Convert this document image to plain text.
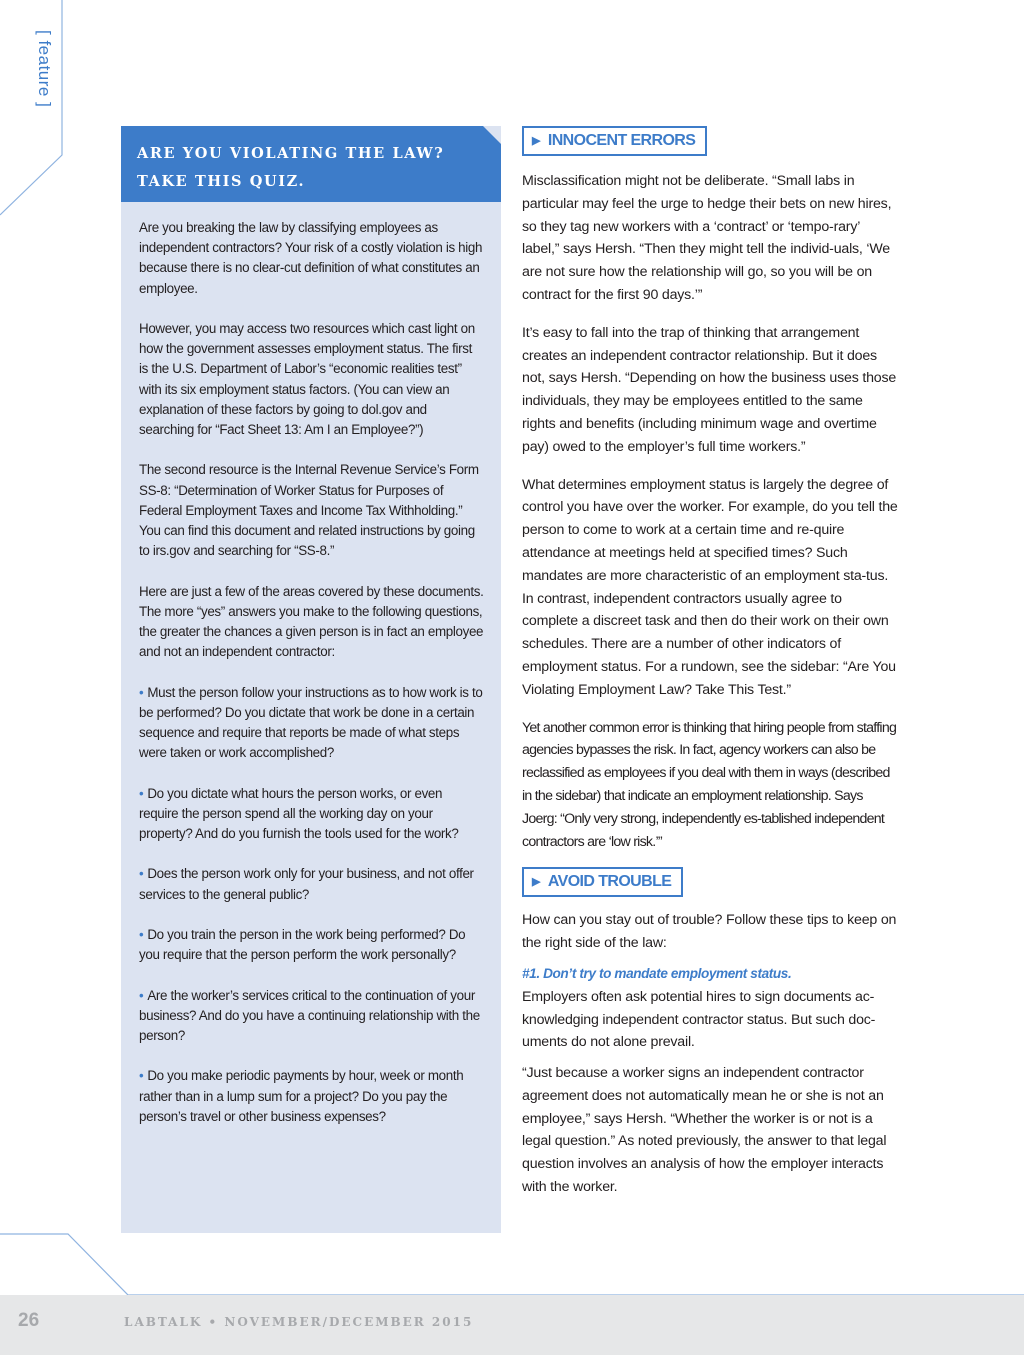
[ feature ]
ARE YOU VIOLATING THE LAW?
TAKE THIS QUIZ.

Are you breaking the law by classifying employees as independent contractors? Your risk of a costly violation is high because there is no clear-cut definition of what constitutes an employee.

However, you may access two resources which cast light on how the government assesses employment status. The first is the U.S. Department of Labor’s “economic realities test” with its six employment status factors. (You can view an explanation of these factors by going to dol.gov and searching for “Fact Sheet 13: Am I an Employee?”)

The second resource is the Internal Revenue Service’s Form SS-8: “Determination of Worker Status for Purposes of Federal Employment Taxes and Income Tax Withholding.” You can find this document and related instructions by going to irs.gov and searching for “SS-8.”

Here are just a few of the areas covered by these documents. The more “yes” answers you make to the following questions, the greater the chances a given person is in fact an employee and not an independent contractor:

• Must the person follow your instructions as to how work is to be performed? Do you dictate that work be done in a certain sequence and require that reports be made of what steps were taken or work accomplished?
• Do you dictate what hours the person works, or even require the person spend all the working day on your property? And do you furnish the tools used for the work?
• Does the person work only for your business, and not offer services to the general public?
• Do you train the person in the work being performed? Do you require that the person perform the work personally?
• Are the worker’s services critical to the continuation of your business? And do you have a continuing relationship with the person?
• Do you make periodic payments by hour, week or month rather than in a lump sum for a project? Do you pay the person’s travel or other business expenses?
▶ INNOCENT ERRORS

Misclassification might not be deliberate. “Small labs in particular may feel the urge to hedge their bets on new hires, so they tag new workers with a ‘contract’ or ‘tempo-rary’ label,” says Hersh. “Then they might tell the individ-uals, ‘We are not sure how the relationship will go, so you will be on contract for the first 90 days.’”

It’s easy to fall into the trap of thinking that arrangement creates an independent contractor relationship. But it does not, says Hersh. “Depending on how the business uses those individuals, they may be employees entitled to the same rights and benefits (including minimum wage and overtime pay) owed to the employer’s full time workers.”

What determines employment status is largely the degree of control you have over the worker. For example, do you tell the person to come to work at a certain time and re-quire attendance at meetings held at specified times? Such mandates are more characteristic of an employment sta-tus. In contrast, independent contractors usually agree to complete a discreet task and then do their work on their own schedules. There are a number of other indicators of employment status. For a rundown, see the sidebar: “Are You Violating Employment Law? Take This Test.”

Yet another common error is thinking that hiring people from staffing agencies bypasses the risk. In fact, agency workers can also be reclassified as employees if you deal with them in ways (described in the sidebar) that indicate an employment relationship. Says Joerg: “Only very strong, independently es-tablished independent contractors are ‘low risk.’”

▶ AVOID TROUBLE

How can you stay out of trouble? Follow these tips to keep on the right side of the law:

#1. Don’t try to mandate employment status.

Employers often ask potential hires to sign documents ac-knowledging independent contractor status. But such doc-uments do not alone prevail.

“Just because a worker signs an independent contractor agreement does not automatically mean he or she is not an employee,” says Hersh. “Whether the worker is or not is a legal question.” As noted previously, the answer to that legal question involves an analysis of how the employer interacts with the worker.

26	LABTALK • NOVEMBER/DECEMBER 2015
